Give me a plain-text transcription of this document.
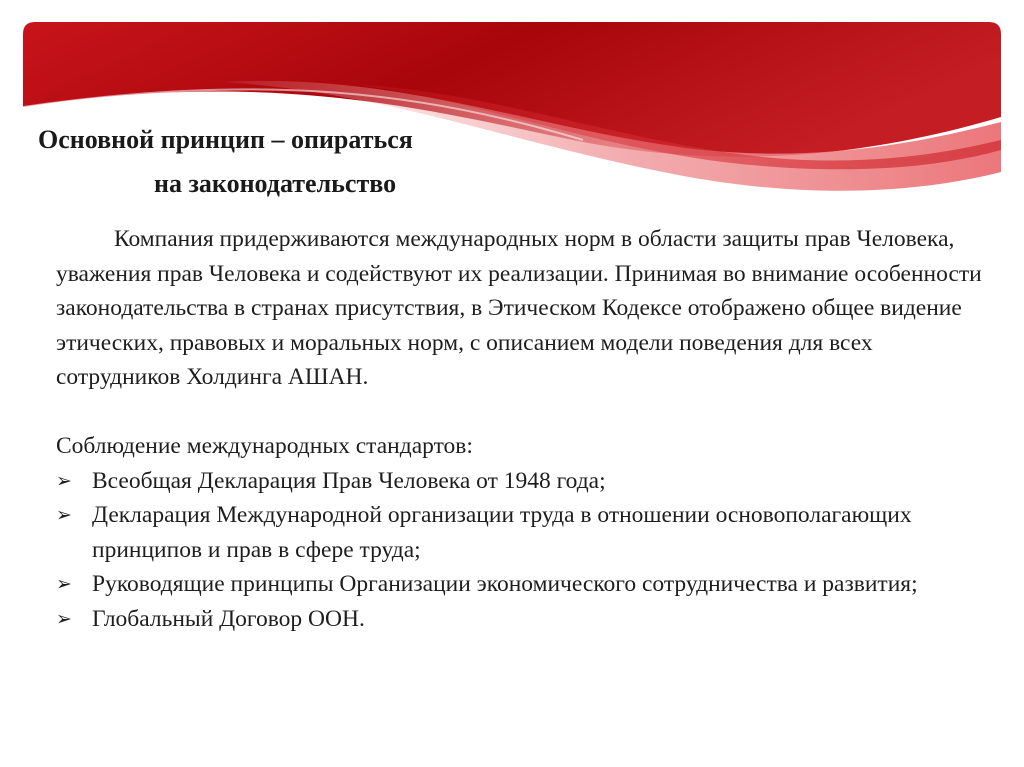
Основной принцип – опираться
на законодательство

Компания придерживаются международных норм в области защиты прав Человека, уважения прав Человека и содействуют их реализации. Принимая во внимание особенности законодательства в странах присутствия, в Этическом Кодексе отображено общее видение этических, правовых и моральных норм, с описанием модели поведения для всех сотрудников Холдинга АШАН.

Соблюдение международных стандартов:

➢ Всеобщая Декларация Прав Человека от 1948 года;
➢ Декларация Международной организации труда в отношении основополагающих принципов и прав в сфере труда;
➢ Руководящие принципы Организации экономического сотрудничества и развития;
➢ Глобальный Договор ООН.
